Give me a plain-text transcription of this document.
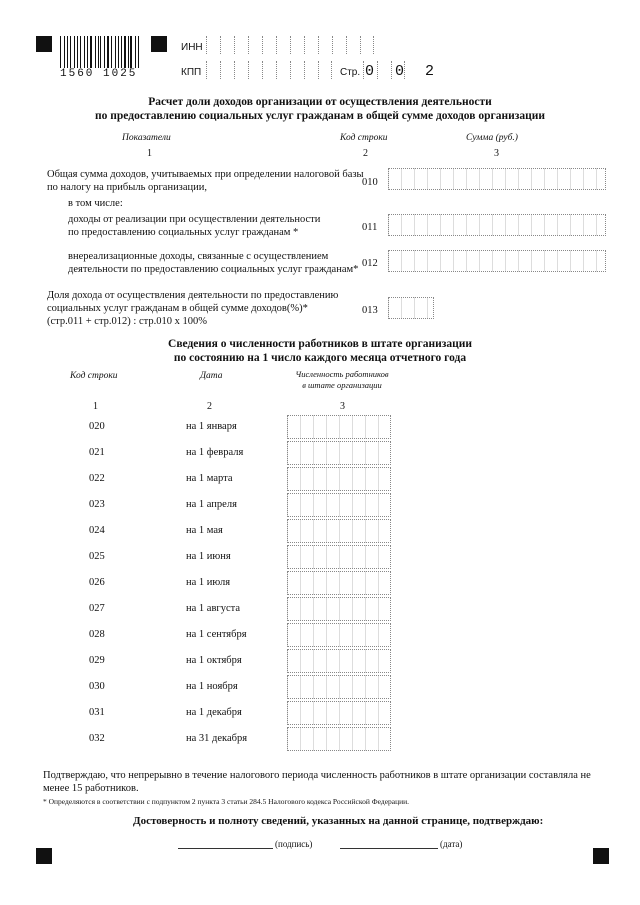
1560 1025
ИНН
КПП	Стр. 0 0 2
Расчет доли доходов организации от осуществления деятельности
по предоставлению социальных услуг гражданам в общей сумме доходов организации
Показатели	Код строки	Сумма (руб.)
1	2	3
Общая сумма доходов, учитываемых при определении налоговой базы
по налогу на прибыль организации,	010
в том числе:
доходы от реализации при осуществлении деятельности
по предоставлению социальных услуг гражданам *	011
внереализационные доходы, связанные с осуществлением
деятельности по предоставлению социальных услуг гражданам*
012
Доля дохода от осуществления деятельности по предоставлению
социальных услуг гражданам в общей сумме доходов(%)*
(стр.011 + стр.012) : стр.010 x 100%
013
Сведения о численности работников в штате организации
по состоянию на 1 число каждого месяца отчетного года
Код строки	Дата	Численность работников
в штате организации
1	2	3
020	на 1 января
021	на 1 февраля
022	на 1 марта
023	на 1 апреля
024	на 1 мая
025	на 1 июня
026	на 1 июля
027	на 1 августа
028	на 1 сентября
029	на 1 октября
030	на 1 ноября
031	на 1 декабря
032	на 31 декабря
Подтверждаю, что непрерывно в течение налогового периода численность работников в штате организации составляла не
менее 15 работников.
* Определяются в соответствии с подпунктом 2 пункта 3 статьи 284.5 Налогового кодекса Российской Федерации.
Достоверность и полноту сведений, указанных на данной странице, подтверждаю:
(подпись)	(дата)
